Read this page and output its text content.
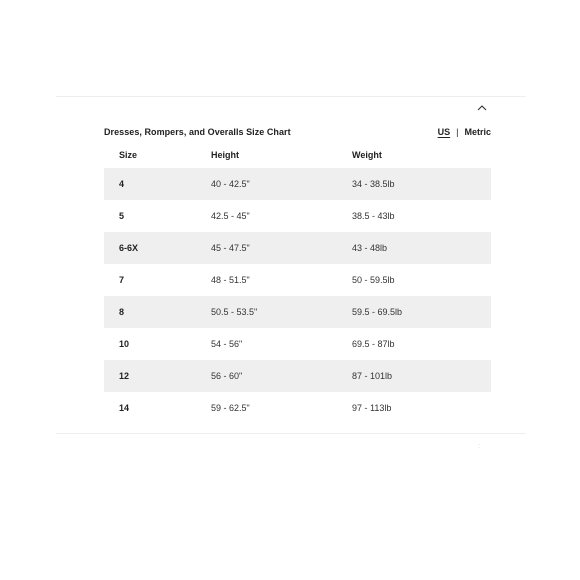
Dresses, Rompers, and Overalls Size Chart	US | Metric
Size	Height	Weight
4	40 - 42.5"	34 - 38.5lb
5	42.5 - 45"	38.5 - 43lb
6-6X	45 - 47.5"	43 - 48lb
7	48 - 51.5"	50 - 59.5lb
8	50.5 - 53.5"	59.5 - 69.5lb
10	54 - 56"	69.5 - 87lb
12	56 - 60"	87 - 101lb
14	59 - 62.5"	97 - 113lb
· ·
